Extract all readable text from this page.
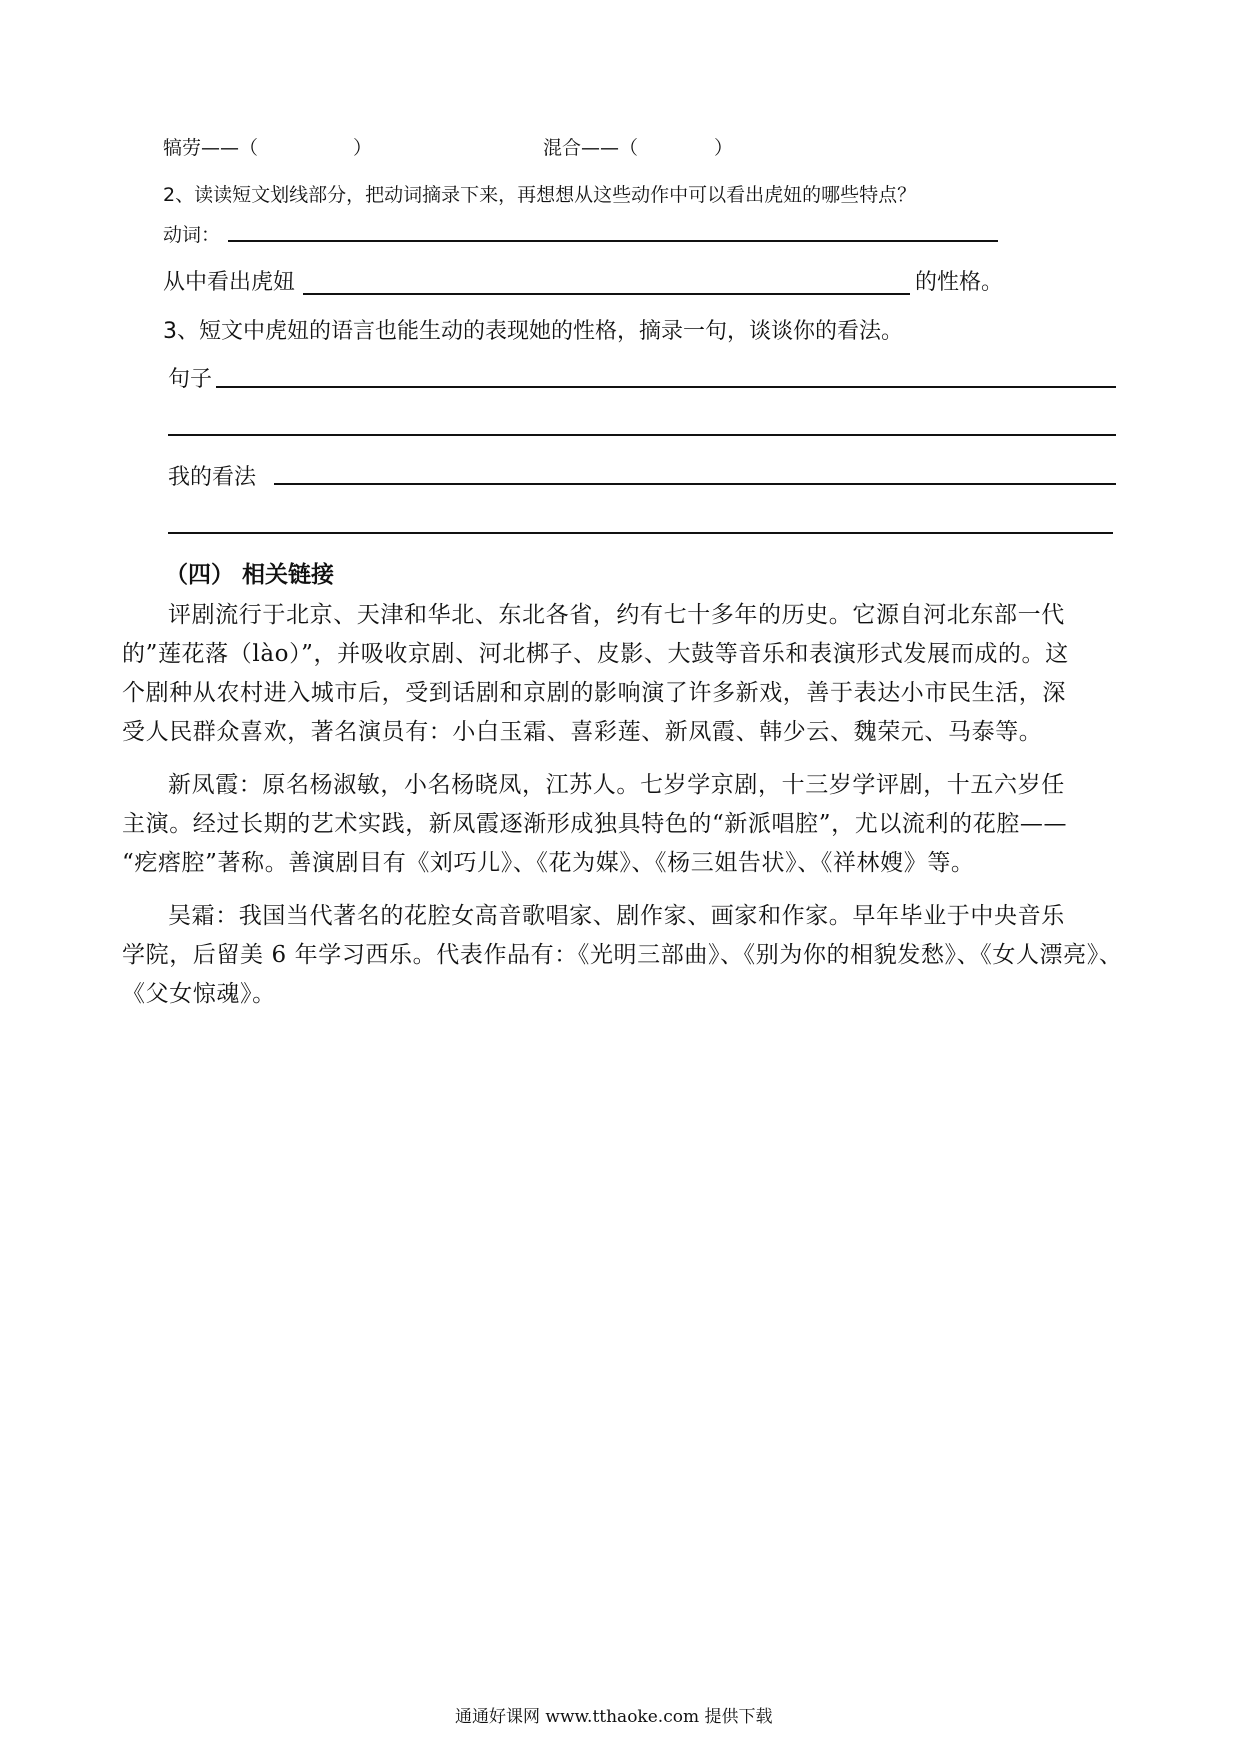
犒劳——（　　　　　）	混合——（　　　　）
2、读读短文划线部分，把动词摘录下来，再想想从这些动作中可以看出虎妞的哪些特点？
动词：
从中看出虎妞	的性格。
3、短文中虎妞的语言也能生动的表现她的性格，摘录一句，谈谈你的看法。
句子
我的看法
（四） 相关链接
评剧流行于北京、天津和华北、东北各省，约有七十多年的历史。它源自河北东部一代
的”莲花落（lào）”，并吸收京剧、河北梆子、皮影、大鼓等音乐和表演形式发展而成的。这
个剧种从农村进入城市后，受到话剧和京剧的影响演了许多新戏，善于表达小市民生活，深
受人民群众喜欢，著名演员有：小白玉霜、喜彩莲、新凤霞、韩少云、魏荣元、马泰等。
新凤霞：原名杨淑敏，小名杨晓凤，江苏人。七岁学京剧，十三岁学评剧，十五六岁任
主演。经过长期的艺术实践，新凤霞逐渐形成独具特色的“新派唱腔”，尤以流利的花腔——
“疙瘩腔”著称。善演剧目有《刘巧儿》、《花为媒》、《杨三姐告状》、《祥林嫂》等。
吴霜：我国当代著名的花腔女高音歌唱家、剧作家、画家和作家。早年毕业于中央音乐
学院，后留美 6 年学习西乐。代表作品有：《光明三部曲》、《别为你的相貌发愁》、《女人漂亮》、
《父女惊魂》。
通通好课网 www.tthaoke.com 提供下载
